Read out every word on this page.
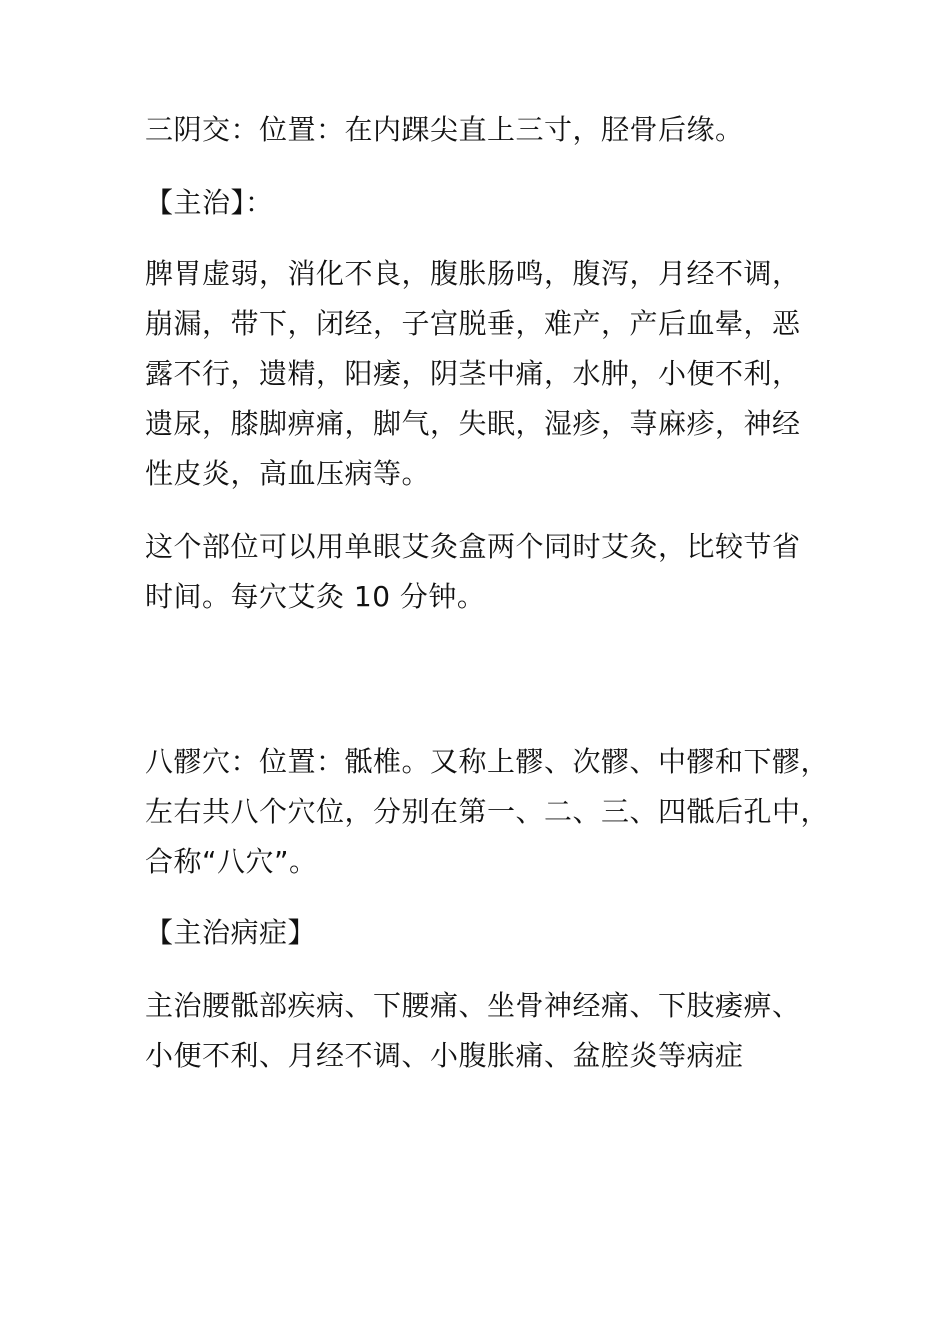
三阴交：位置：在内踝尖直上三寸，胫骨后缘。

【主治】：

脾胃虚弱，消化不良，腹胀肠鸣，腹泻，月经不调，
崩漏，带下，闭经，子宫脱垂，难产，产后血晕，恶
露不行，遗精，阳痿，阴茎中痛，水肿，小便不利，
遗尿，膝脚痹痛，脚气，失眠，湿疹，荨麻疹，神经
性皮炎，高血压病等。

这个部位可以用单眼艾灸盒两个同时艾灸，比较节省
时间。每穴艾灸 10 分钟。

八髎穴：位置：骶椎。又称上髎、次髎、中髎和下髎，
左右共八个穴位，分别在第一、二、三、四骶后孔中，
合称“八穴”。

【主治病症】

主治腰骶部疾病、下腰痛、坐骨神经痛、下肢痿痹、
小便不利、月经不调、小腹胀痛、盆腔炎等病症
